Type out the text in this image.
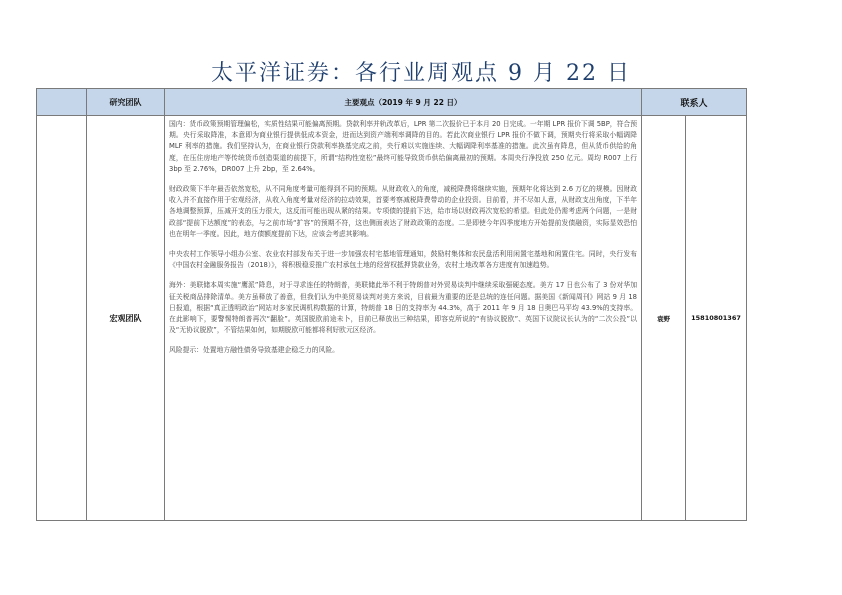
太平洋证券：各行业周观点 9 月 22 日
	研究团队	主要观点（2019 年 9 月 22 日）	联系人	
	宏观团队	国内：货币政策预期管理偏松，实质性结果可能偏离预期。贷款利率并轨改革后，LPR 第二次报价已于本月 20 日完成。一年期 LPR 报价下调 5BP，符合预期。央行采取降准，本意即为商业银行提供低成本资金，进而达到资产端利率调降的目的。若此次商业银行 LPR 报价不做下调，预期央行将采取小幅调降 MLF 利率的措施。我们坚持认为，在商业银行贷款利率换基完成之前，央行难以实施连续、大幅调降利率基准的措施。此次虽有降息，但从货币供给的角度，在压住房地产等传统货币创造渠道的前提下，所谓“结构性宽松”最终可能导致货币供给偏离最初的预期。本周央行净投放 250 亿元。周均 R007 上行 3bp 至 2.76%，DR007 上升 2bp，至 2.64%。

财政政策下半年最否依然宽松，从不同角度考量可能得到不同的预期。从财政收入的角度，减税降费将继续实施，预期年化将达到 2.6 万亿的规模。因财政收入并不直接作用于宏观经济，从收入角度考量对经济的拉动效果，首要考察减税降费带动的企业投资。目前看，并不尽如人意，从财政支出角度，下半年各地调整预算，压减开支的压力很大，这反而可能出现从紧的结果。专项债的提前下达，给市场以财政再次宽松的希望。但此处仍需考虑两个问题，一是财政部“提前下达额度”的表态，与之前市场“扩容”的预期不符，这也侧面表达了财政政策的态度。二是即使今年四季度地方开始提前发债融资，实际显效恐怕也在明年一季度。因此，地方债额度提前下达，应该会考虑其影响。

中央农村工作领导小组办公室、农业农村部发布关于进一步加强农村宅基地管理通知，鼓励村集体和农民盘活利用闲置宅基地和闲置住宅。同时，央行发布《中国农村金融服务报告（2018）》，将积极稳妥推广农村承包土地的经营权抵押贷款业务，农村土地改革各方进度有加速趋势。

海外：美联储本周实施“鹰派”降息，对于寻求连任的特朗普，美联储此举不利于特朗普对外贸易谈判中继续采取强硬态度。美方 17 日也公布了 3 份对华加征关税商品排除清单。美方虽释放了善意，但我们认为中美贸易谈判对美方来说，目前最为重要的还是总统的连任问题。据美国《新闻周刊》网站 9 月 18 日报道，根据“真正透明政治”网站对多家民调机构数据的计算，特朗普 18 日的支持率为 44.3%，高于 2011 年 9 月 18 日奥巴马平均 43.9%的支持率。在此影响下，要警惕特朗普再次“翻脸”。英国脱欧前途未卜，目前已释放出三种结果，即容克所说的“有协议脱欧”、英国下议院议长认为的“二次公投”以及“无协议脱欧”，不管结果如何，如期脱欧可能都将利好欧元区经济。

风险提示：处置地方融性债务导致基建企稳乏力的风险。	袁野	15810801367
